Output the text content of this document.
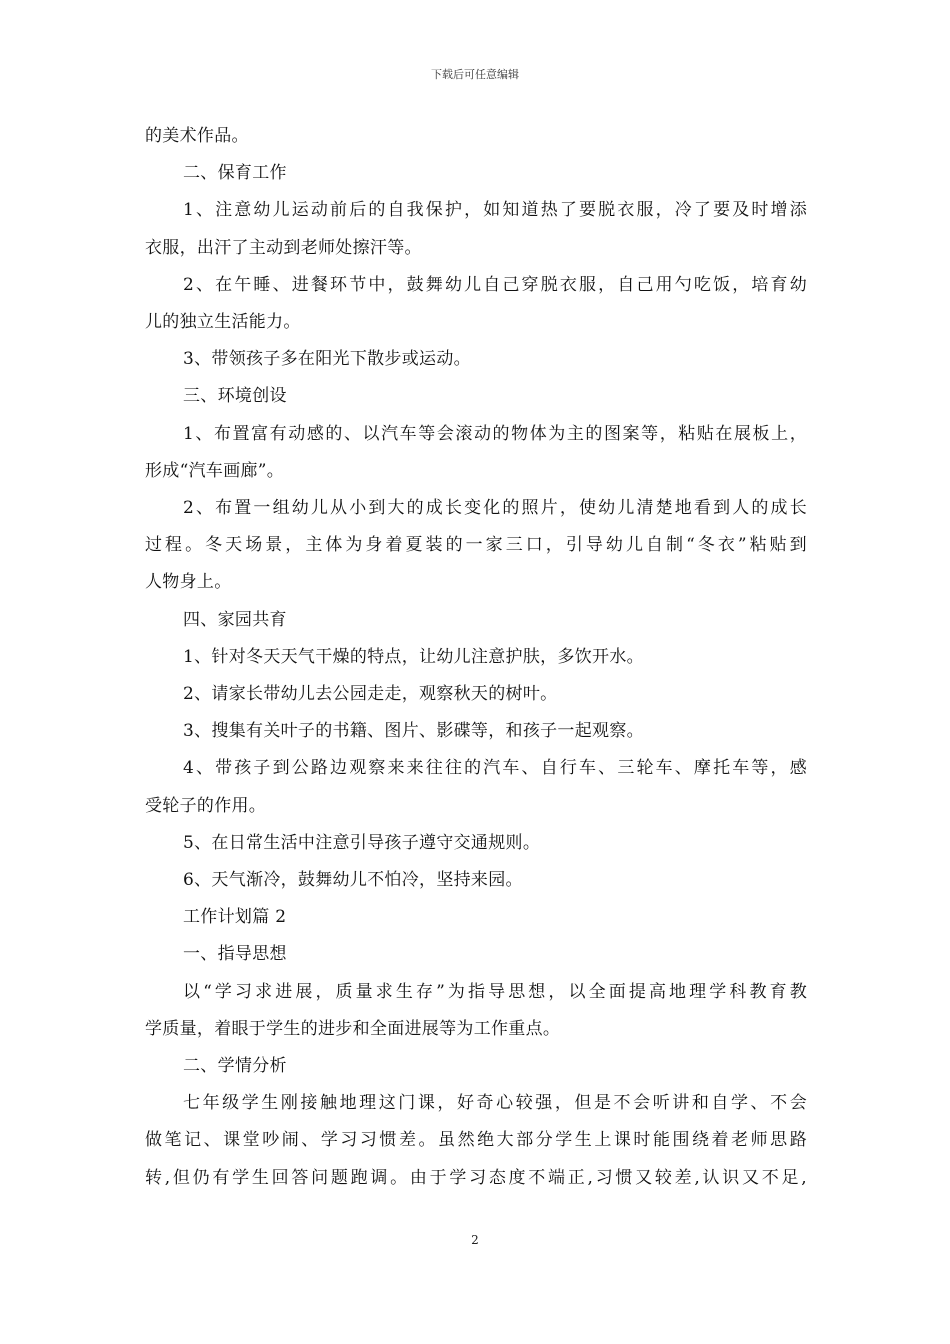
下载后可任意编辑
的美术作品。
二、保育工作
1、注意幼儿运动前后的自我保护，如知道热了要脱衣服，冷了要及时增添
衣服，出汗了主动到老师处擦汗等。
2、在午睡、进餐环节中，鼓舞幼儿自己穿脱衣服，自己用勺吃饭，培育幼
儿的独立生活能力。
3、带领孩子多在阳光下散步或运动。
三、环境创设
1、布置富有动感的、以汽车等会滚动的物体为主的图案等，粘贴在展板上，
形成“汽车画廊”。
2、布置一组幼儿从小到大的成长变化的照片，使幼儿清楚地看到人的成长
过程。冬天场景，主体为身着夏装的一家三口，引导幼儿自制“冬衣”粘贴到
人物身上。
四、家园共育
1、针对冬天天气干燥的特点，让幼儿注意护肤，多饮开水。
2、请家长带幼儿去公园走走，观察秋天的树叶。
3、搜集有关叶子的书籍、图片、影碟等，和孩子一起观察。
4、带孩子到公路边观察来来往往的汽车、自行车、三轮车、摩托车等，感
受轮子的作用。
5、在日常生活中注意引导孩子遵守交通规则。
6、天气渐冷，鼓舞幼儿不怕冷，坚持来园。
工作计划篇 2
一、指导思想
以“学习求进展，质量求生存”为指导思想，以全面提高地理学科教育教
学质量，着眼于学生的进步和全面进展等为工作重点。
二、学情分析
七年级学生刚接触地理这门课，好奇心较强，但是不会听讲和自学、不会
做笔记、课堂吵闹、学习习惯差。虽然绝大部分学生上课时能围绕着老师思路
转,但仍有学生回答问题跑调。由于学习态度不端正,习惯又较差,认识又不足,
2
